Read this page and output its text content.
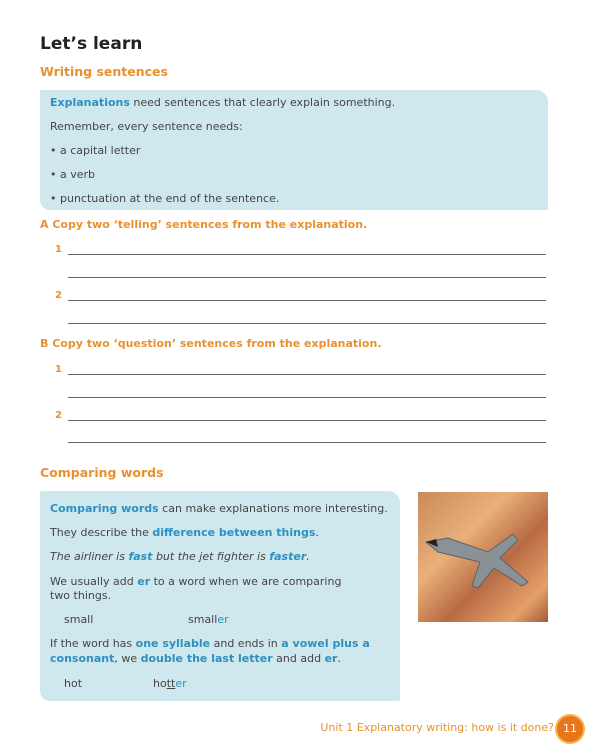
Let’s learn
Writing sentences

Explanations need sentences that clearly explain something.

Remember, every sentence needs:

• a capital letter

• a verb

• punctuation at the end of the sentence.

A Copy two ‘telling’ sentences from the explanation.
1
2
B Copy two ‘question’ sentences from the explanation.
1
2
Comparing words

Comparing words can make explanations more interesting.

They describe the difference between things.

The airliner is fast but the jet fighter is faster.

We usually add er to a word when we are comparing

two things.

small	smaller

If the word has one syllable and ends in a vowel plus a

consonant, we double the last letter and add er.

hot	hotter

Unit 1 Explanatory writing: how is it done? 11
